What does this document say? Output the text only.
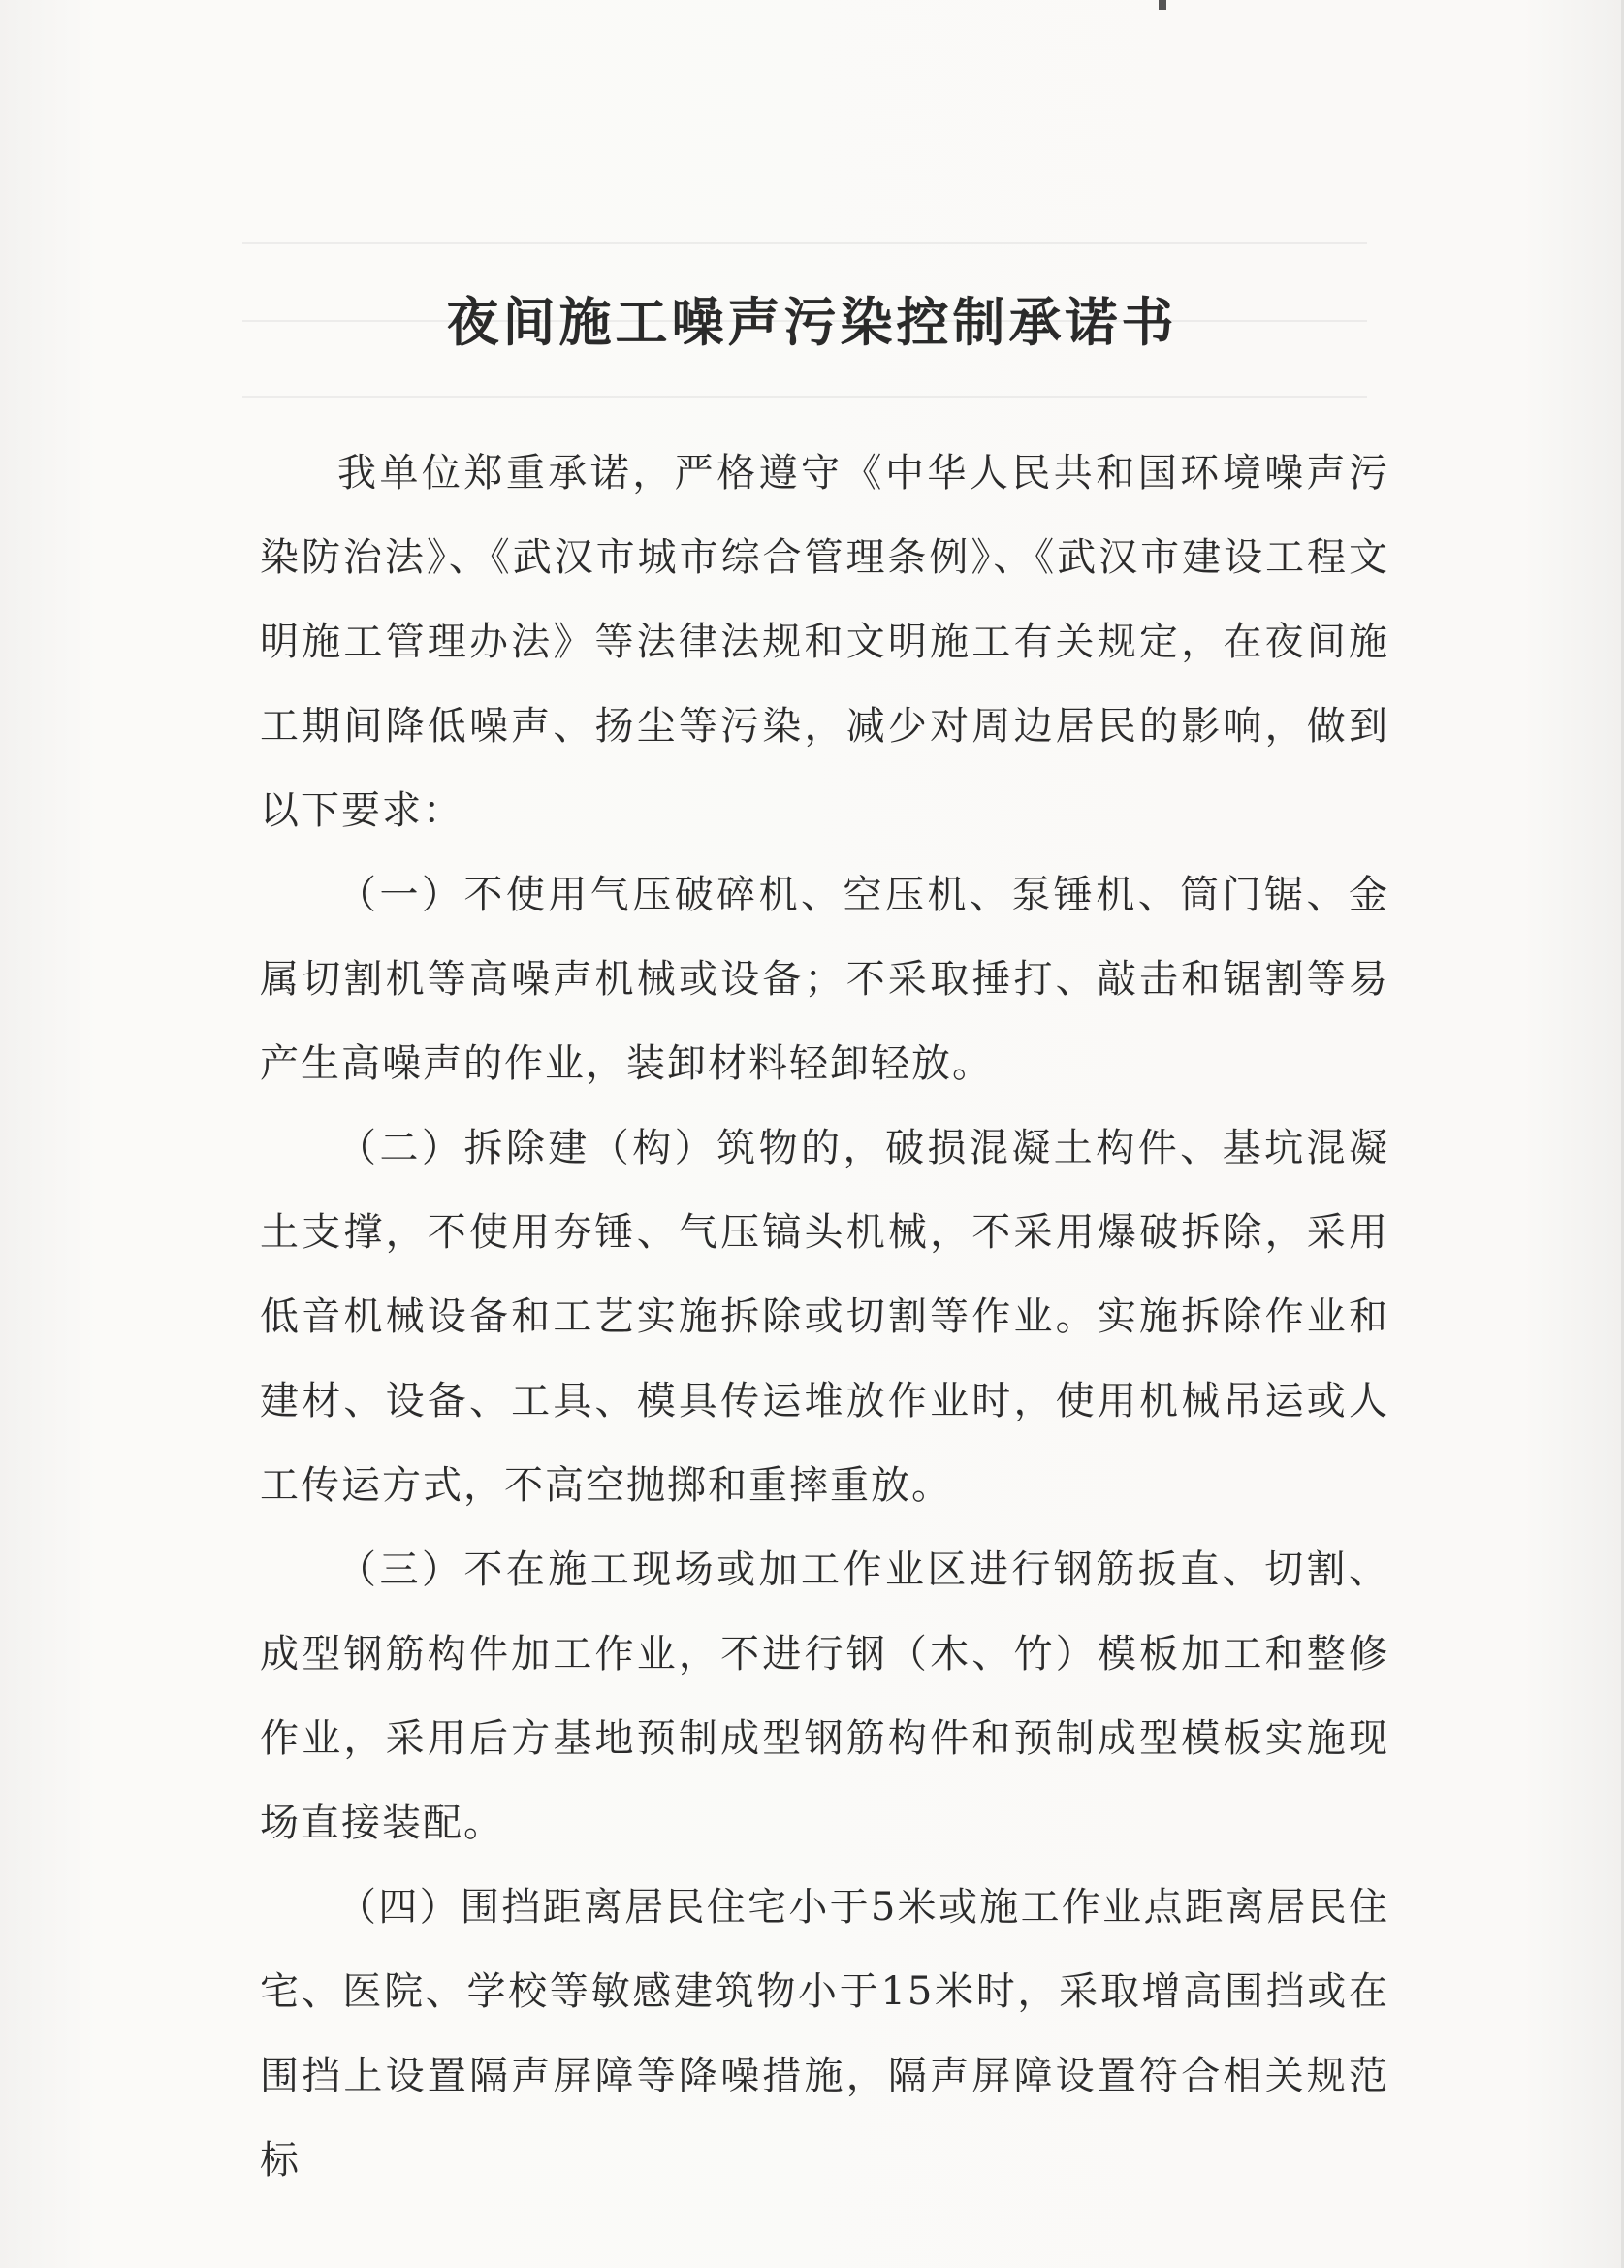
夜间施工噪声污染控制承诺书

我单位郑重承诺，严格遵守《中华人民共和国环境噪声污染防治法》、《武汉市城市综合管理条例》、《武汉市建设工程文明施工管理办法》等法律法规和文明施工有关规定，在夜间施工期间降低噪声、扬尘等污染，减少对周边居民的影响，做到以下要求：

（一）不使用气压破碎机、空压机、泵锤机、筒门锯、金属切割机等高噪声机械或设备；不采取捶打、敲击和锯割等易产生高噪声的作业，装卸材料轻卸轻放。

（二）拆除建（构）筑物的，破损混凝土构件、基坑混凝土支撑，不使用夯锤、气压镐头机械，不采用爆破拆除，采用低音机械设备和工艺实施拆除或切割等作业。实施拆除作业和建材、设备、工具、模具传运堆放作业时，使用机械吊运或人工传运方式，不高空抛掷和重摔重放。

（三）不在施工现场或加工作业区进行钢筋扳直、切割、成型钢筋构件加工作业，不进行钢（木、竹）模板加工和整修作业，采用后方基地预制成型钢筋构件和预制成型模板实施现场直接装配。

（四）围挡距离居民住宅小于5米或施工作业点距离居民住宅、医院、学校等敏感建筑物小于15米时，采取增高围挡或在围挡上设置隔声屏障等降噪措施，隔声屏障设置符合相关规范标
